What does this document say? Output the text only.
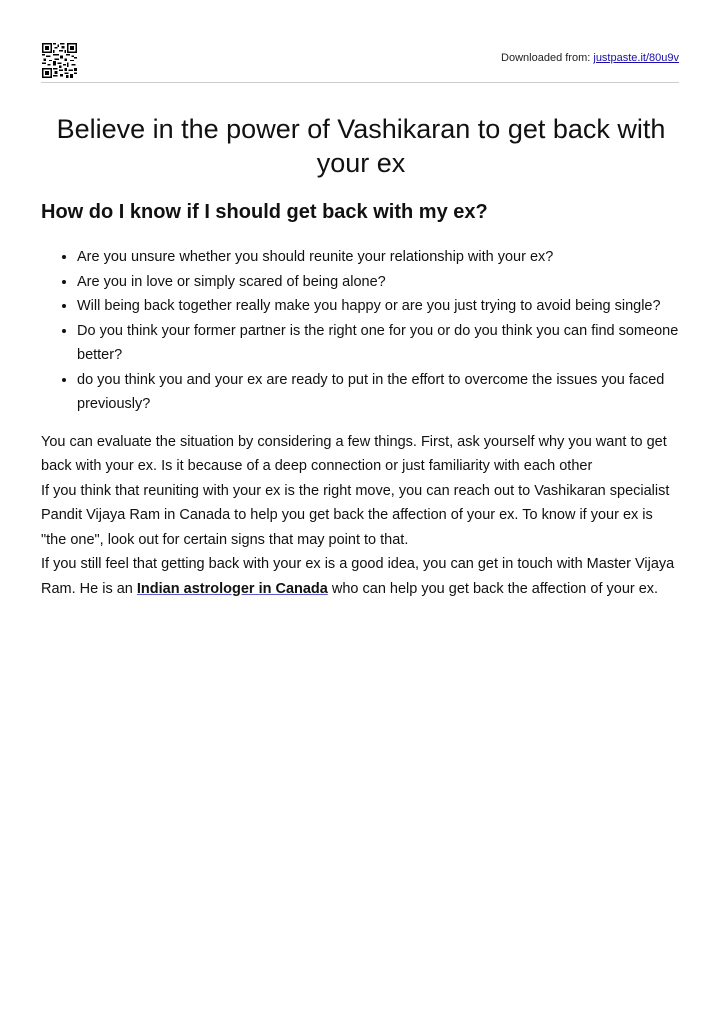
Downloaded from: justpaste.it/80u9v
Believe in the power of Vashikaran to get back with your ex
How do I know if I should get back with my ex?
• Are you unsure whether you should reunite your relationship with your ex?
• Are you in love or simply scared of being alone?
• Will being back together really make you happy or are you just trying to avoid being single?
• Do you think your former partner is the right one for you or do you think you can find someone better?
• do you think you and your ex are ready to put in the effort to overcome the issues you faced previously?

You can evaluate the situation by considering a few things. First, ask yourself why you want to get back with your ex. Is it because of a deep connection or just familiarity with each other

If you think that reuniting with your ex is the right move, you can reach out to Vashikaran specialist Pandit Vijaya Ram in Canada to help you get back the affection of your ex. To know if your ex is "the one", look out for certain signs that may point to that.

If you still feel that getting back with your ex is a good idea, you can get in touch with Master Vijaya Ram. He is an Indian astrologer in Canada who can help you get back the affection of your ex.
